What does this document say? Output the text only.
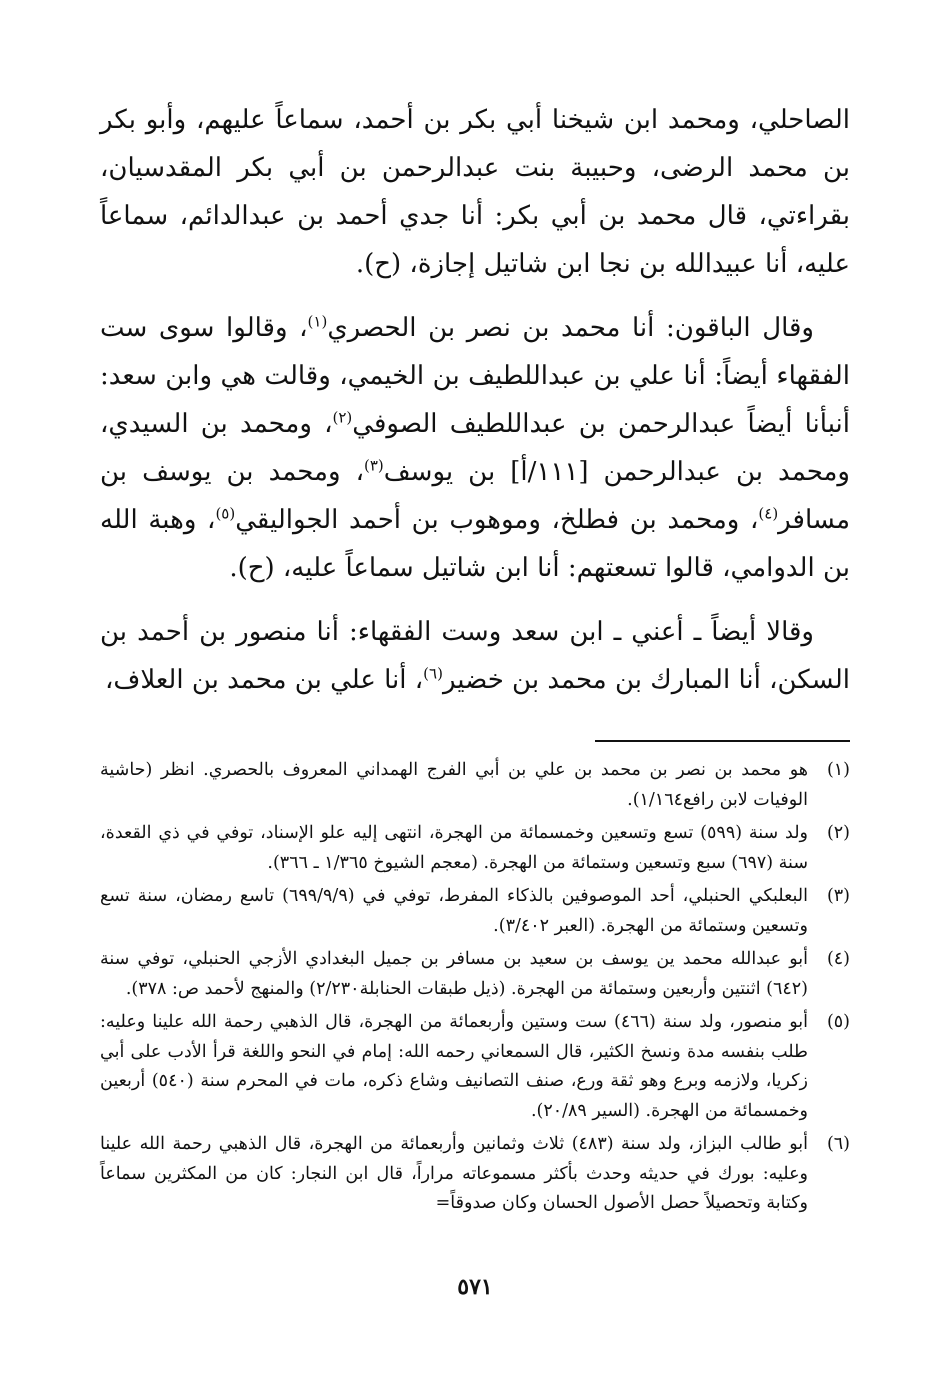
الصاحلي، ومحمد ابن شيخنا أبي بكر بن أحمد، سماعاً عليهم، وأبو بكر بن محمد الرضى، وحبيبة بنت عبدالرحمن بن أبي بكر المقدسيان، بقراءتي، قال محمد بن أبي بكر: أنا جدي أحمد بن عبدالدائم، سماعاً عليه، أنا عبيدالله بن نجا ابن شاتيل إجازة، (ح).

وقال الباقون: أنا محمد بن نصر بن الحصري$^{(١)}$، وقالوا سوى ست الفقهاء أيضاً: أنا علي بن عبداللطيف بن الخيمي، وقالت هي وابن سعد: أنبأنا أيضاً عبدالرحمن بن عبداللطيف الصوفي$^{(٢)}$، ومحمد بن السيدي، ومحمد بن عبدالرحمن [١١١/أ] بن يوسف$^{(٣)}$، ومحمد بن يوسف بن مسافر$^{(٤)}$، ومحمد بن فطلخ، وموهوب بن أحمد الجواليقي$^{(٥)}$، وهبة الله بن الدوامي، قالوا تسعتهم: أنا ابن شاتيل سماعاً عليه، (ح).

وقالا أيضاً ـ أعني ـ ابن سعد وست الفقهاء: أنا منصور بن أحمد بن السكن، أنا المبارك بن محمد بن خضير$^{(٦)}$، أنا علي بن محمد بن العلاف،

(١)
هو محمد بن نصر بن محمد بن علي بن أبي الفرج الهمداني المعروف بالحصري. انظر (حاشية الوفيات لابن رافع١/١٦٤).
(٢)
ولد سنة (٥٩٩) تسع وتسعين وخمسمائة من الهجرة، انتهى إليه علو الإسناد، توفي في ذي القعدة، سنة (٦٩٧) سبع وتسعين وستمائة من الهجرة. (معجم الشيوخ ١/٣٦٥ ـ ٣٦٦).
(٣)
البعلبكي الحنبلي، أحد الموصوفين بالذكاء المفرط، توفي في (٦٩٩/٩/٩) تاسع رمضان، سنة تسع وتسعين وستمائة من الهجرة. (العبر ٣/٤٠٢).
(٤)
أبو عبدالله محمد ين يوسف بن سعيد بن مسافر بن جميل البغدادي الأزجي الحنبلي، توفي سنة (٦٤٢) اثنتين وأربعين وستمائة من الهجرة. (ذيل طبقات الحنابلة٢/٢٣٠) والمنهج لأحمد ص: ٣٧٨).
(٥)
أبو منصور، ولد سنة (٤٦٦) ست وستين وأربعمائة من الهجرة، قال الذهبي رحمة الله علينا وعليه: طلب بنفسه مدة ونسخ الكثير، قال السمعاني رحمه الله: إمام في النحو واللغة قرأ الأدب على أبي زكريا، ولازمه وبرع وهو ثقة ورع، صنف التصانيف وشاع ذكره، مات في المحرم سنة (٥٤٠) أربعين وخمسمائة من الهجرة. (السير ٢٠/٨٩).
(٦)
أبو طالب البزاز، ولد سنة (٤٨٣) ثلاث وثمانين وأربعمائة من الهجرة، قال الذهبي رحمة الله علينا وعليه: بورك في حديثه وحدث بأكثر مسموعاته مراراً، قال ابن النجار: كان من المكثرين سماعاً وكتابة وتحصيلاً حصل الأصول الحسان وكان صدوقاً=
٥٧١
